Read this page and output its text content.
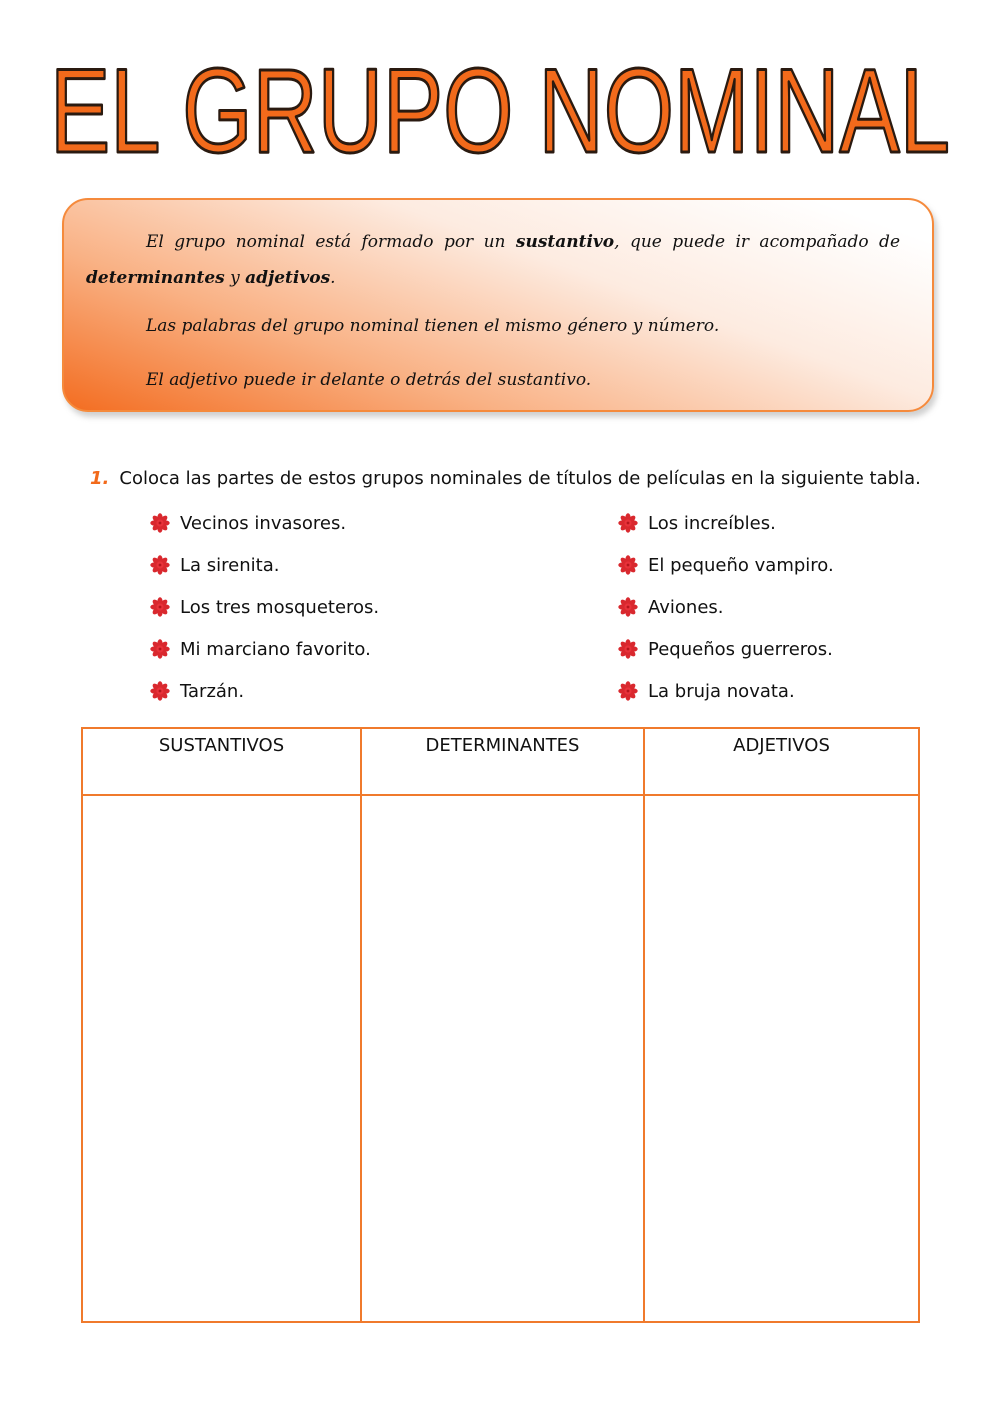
EL GRUPO NOMINAL

El grupo nominal está formado por un sustantivo, que puede ir acompañado de determinantes y adjetivos.

Las palabras del grupo nominal tienen el mismo género y número.

El adjetivo puede ir delante o detrás del sustantivo.

1. Coloca las partes de estos grupos nominales de títulos de películas en la siguiente tabla.

Vecinos invasores.
La sirenita.
Los tres mosqueteros.
Mi marciano favorito.
Tarzán.
Los increíbles.
El pequeño vampiro.
Aviones.
Pequeños guerreros.
La bruja novata.
SUSTANTIVOS	DETERMINANTES	ADJETIVOS
